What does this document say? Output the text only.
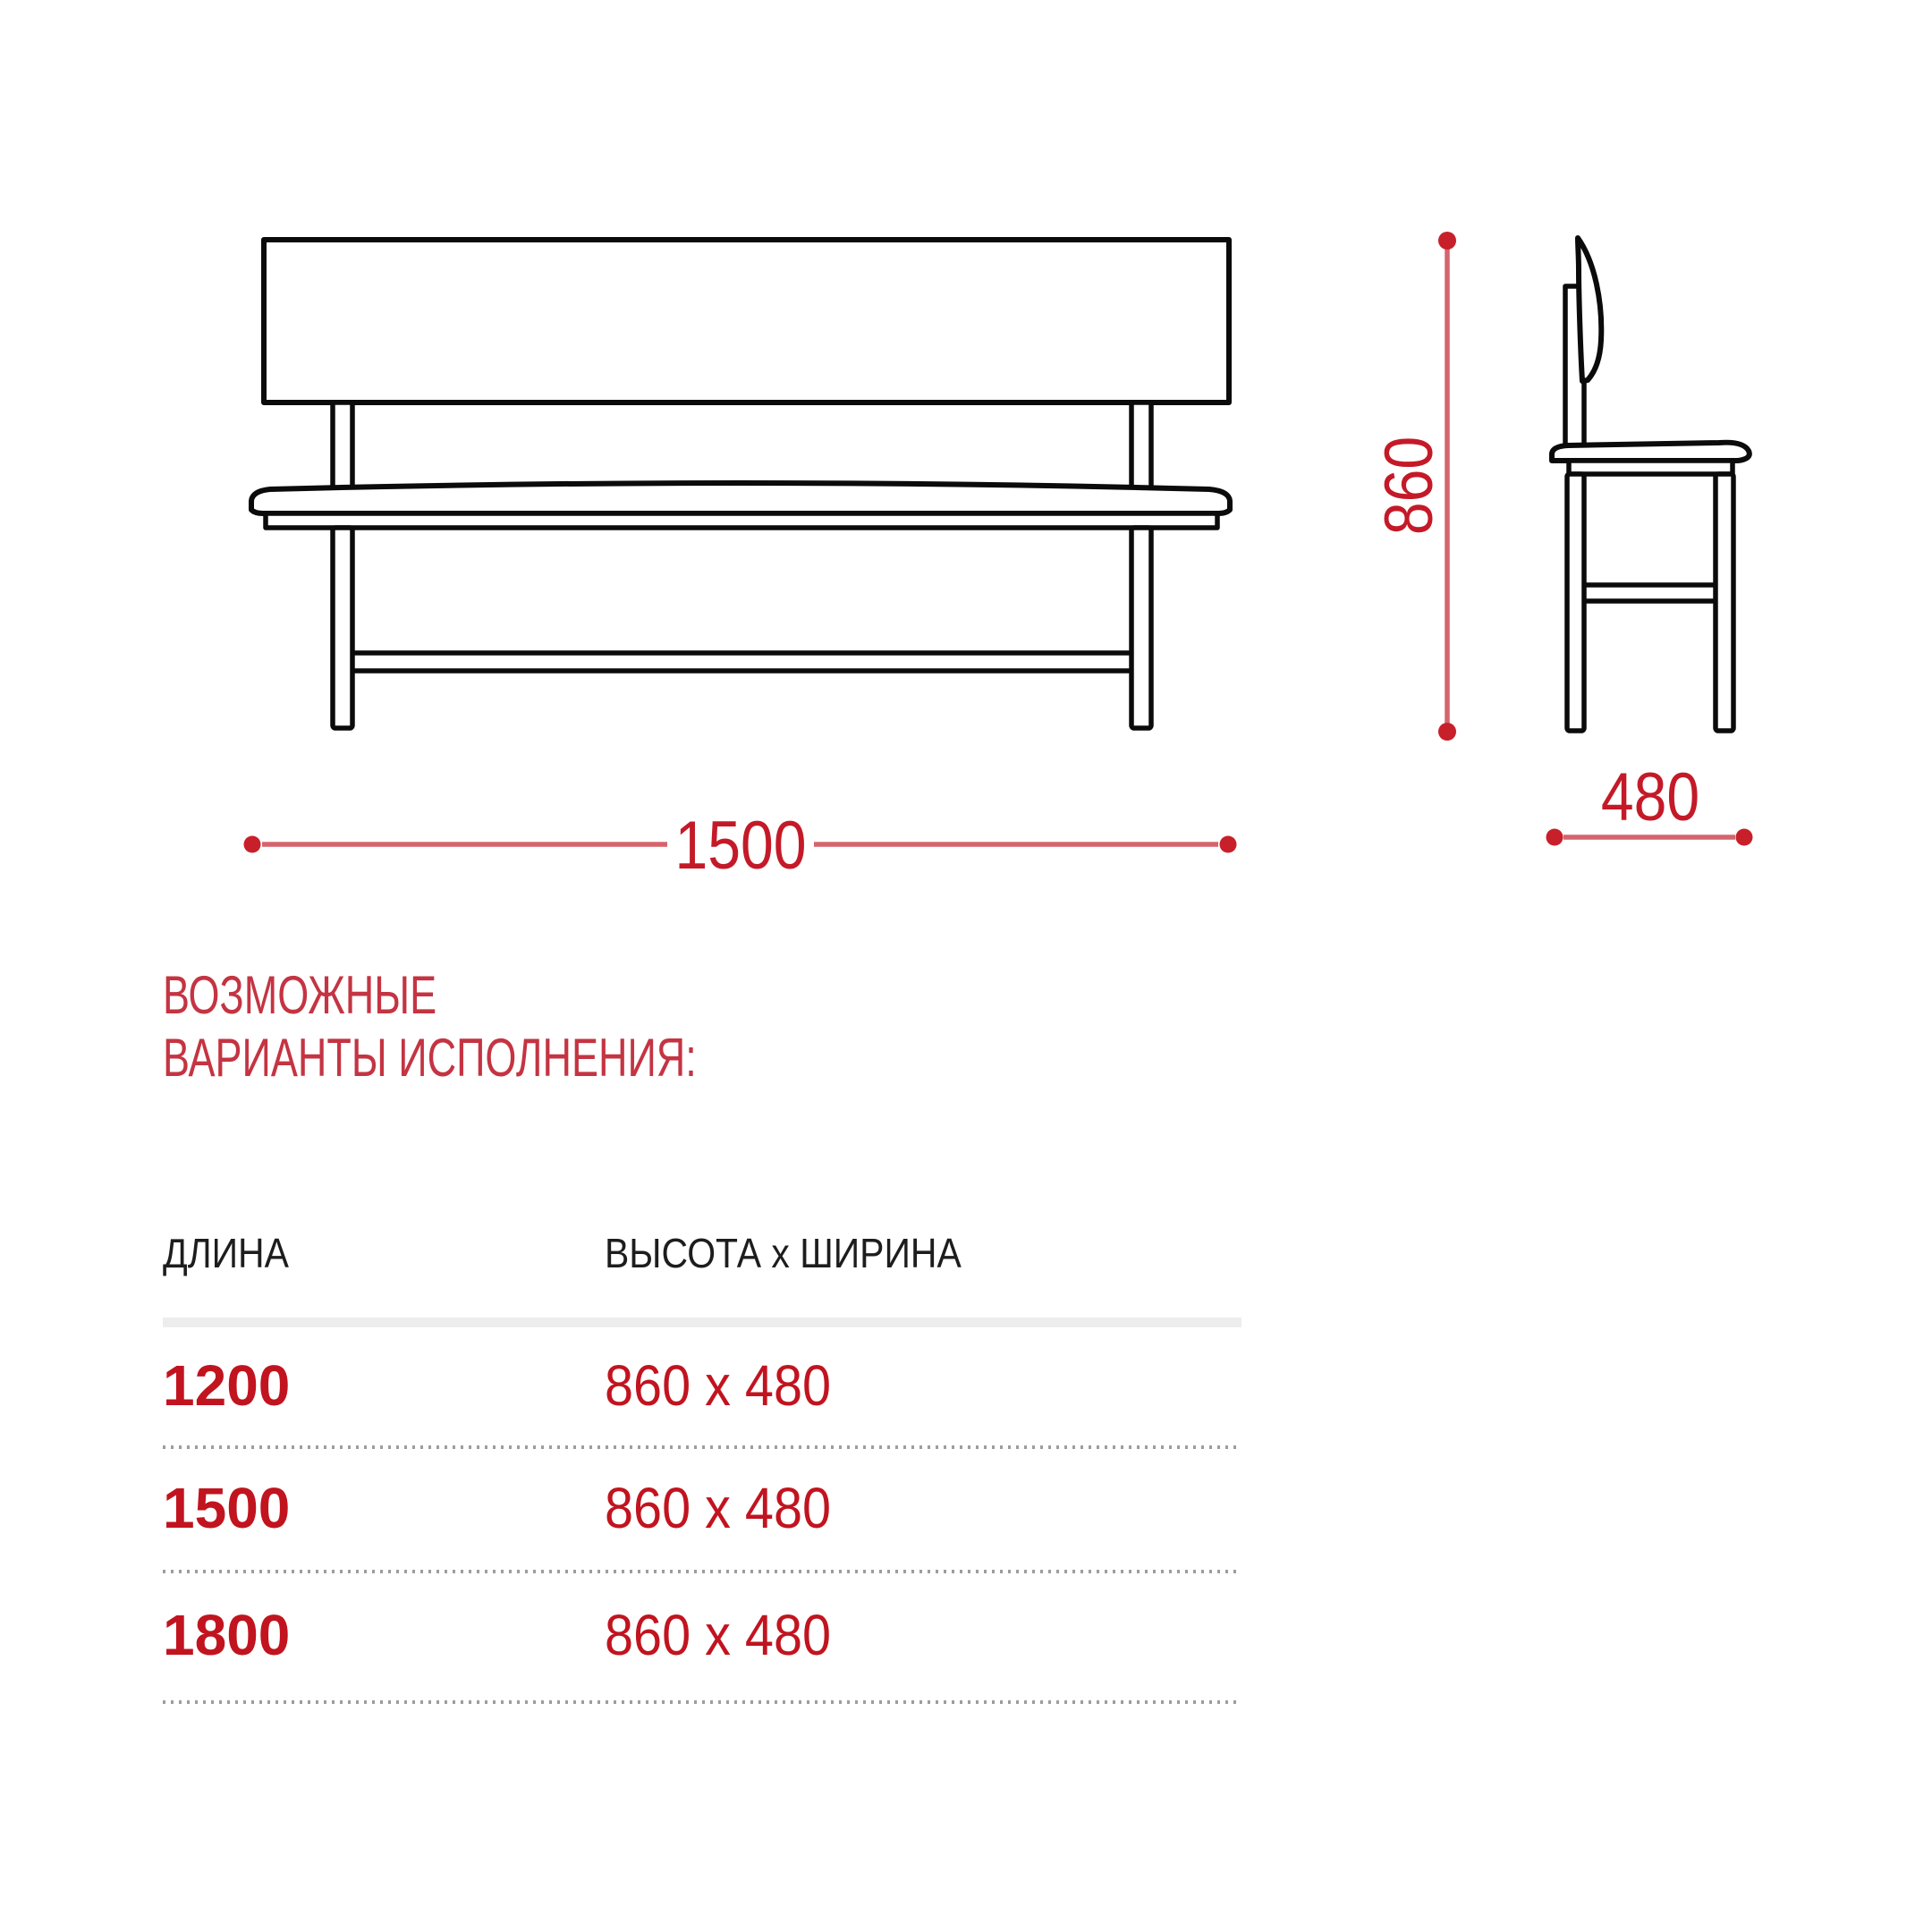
1500
860
480
ВОЗМОЖНЫЕ
ВАРИАНТЫ ИСПОЛНЕНИЯ:
ДЛИНА	ВЫСОТА x ШИРИНА
1200	860 x 480
1500	860 x 480
1800	860 x 480
